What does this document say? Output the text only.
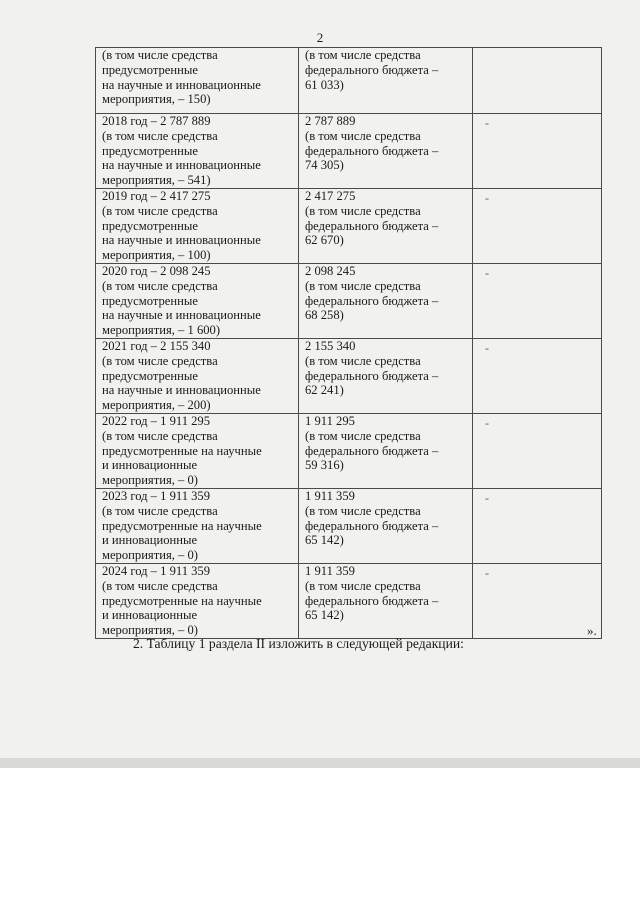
2
(в том числе средства
предусмотренные
на научные и инновационные
мероприятия, – 150)	(в том числе средства
федерального бюджета –
61 033)	

2018 год – 2 787 889
(в том числе средства
предусмотренные
на научные и инновационные
мероприятия, – 541)	2 787 889
(в том числе средства
федерального бюджета –
74 305)	-

2019 год – 2 417 275
(в том числе средства
предусмотренные
на научные и инновационные
мероприятия, – 100)	2 417 275
(в том числе средства
федерального бюджета –
62 670)	-

2020 год – 2 098 245
(в том числе средства
предусмотренные
на научные и инновационные
мероприятия, – 1 600)	2 098 245
(в том числе средства
федерального бюджета –
68 258)	-

2021 год – 2 155 340
(в том числе средства
предусмотренные
на научные и инновационные
мероприятия, – 200)	2 155 340
(в том числе средства
федерального бюджета –
62 241)	-

2022 год – 1 911 295
(в том числе средства
предусмотренные на научные
и инновационные
мероприятия, – 0)	1 911 295
(в том числе средства
федерального бюджета –
59 316)	-

2023 год – 1 911 359
(в том числе средства
предусмотренные на научные
и инновационные
мероприятия, – 0)	1 911 359
(в том числе средства
федерального бюджета –
65 142)	-

2024 год – 1 911 359
(в том числе средства
предусмотренные на научные
и инновационные
мероприятия, – 0)	1 911 359
(в том числе средства
федерального бюджета –
65 142)	-
».
2. Таблицу 1 раздела II изложить в следующей редакции:
